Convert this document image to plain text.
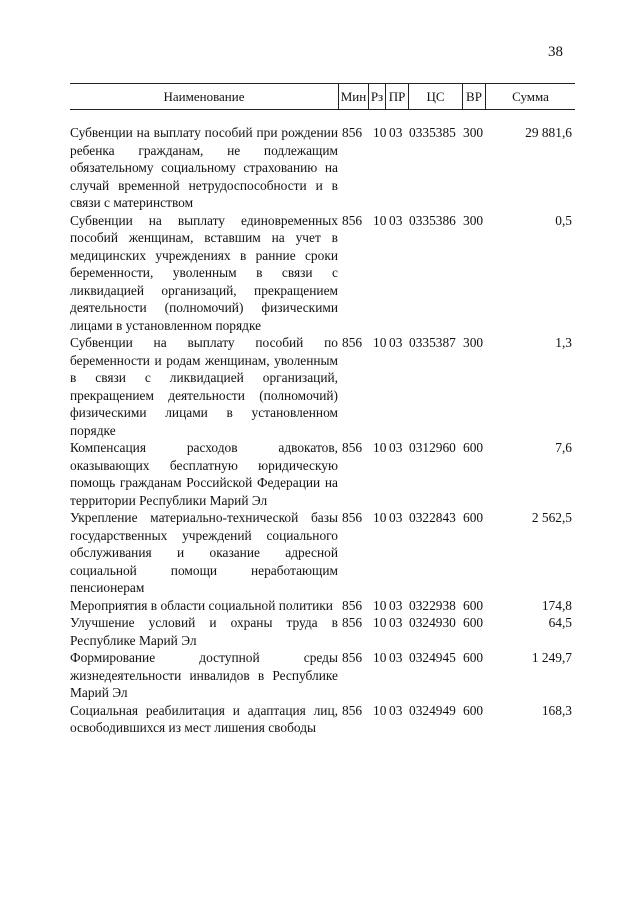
38
Наименование	Мин Рз ПР	ЦС	ВР	Сумма
Субвенции на выплату пособий при рождении ребенка гражданам, не подлежащим обязательному социальному страхованию на случай временной нетрудоспособности и в связи с материнством
856 10 03 0335385 300	29 881,6
Субвенции на выплату единовременных пособий женщинам, вставшим на учет в медицинских учреждениях в ранние сроки беременности, уволенным в связи с ликвидацией организаций, прекращением деятельности (полномочий) физическими лицами в установленном порядке
856 10 03 0335386 300	0,5
Субвенции на выплату пособий по беременности и родам женщинам, уволенным в связи с ликвидацией организаций, прекращением деятельности (полномочий) физическими лицами в установленном порядке
856 10 03 0335387 300	1,3
Компенсация расходов адвокатов, оказывающих бесплатную юридическую помощь гражданам Российской Федерации на территории Республики Марий Эл
856 10 03 0312960 600	7,6
Укрепление материально-технической базы государственных учреждений социального обслуживания и оказание адресной социальной помощи неработающим пенсионерам
856 10 03 0322843 600	2 562,5
Мероприятия в области социальной политики 856 10 03 0322938 600	174,8
Улучшение условий и охраны труда в Республике Марий Эл
856 10 03 0324930 600	64,5
Формирование доступной среды жизнедеятельности инвалидов в Республике Марий Эл
856 10 03 0324945 600	1 249,7
Социальная реабилитация и адаптация лиц, освободившихся из мест лишения свободы
856 10 03 0324949 600	168,3
